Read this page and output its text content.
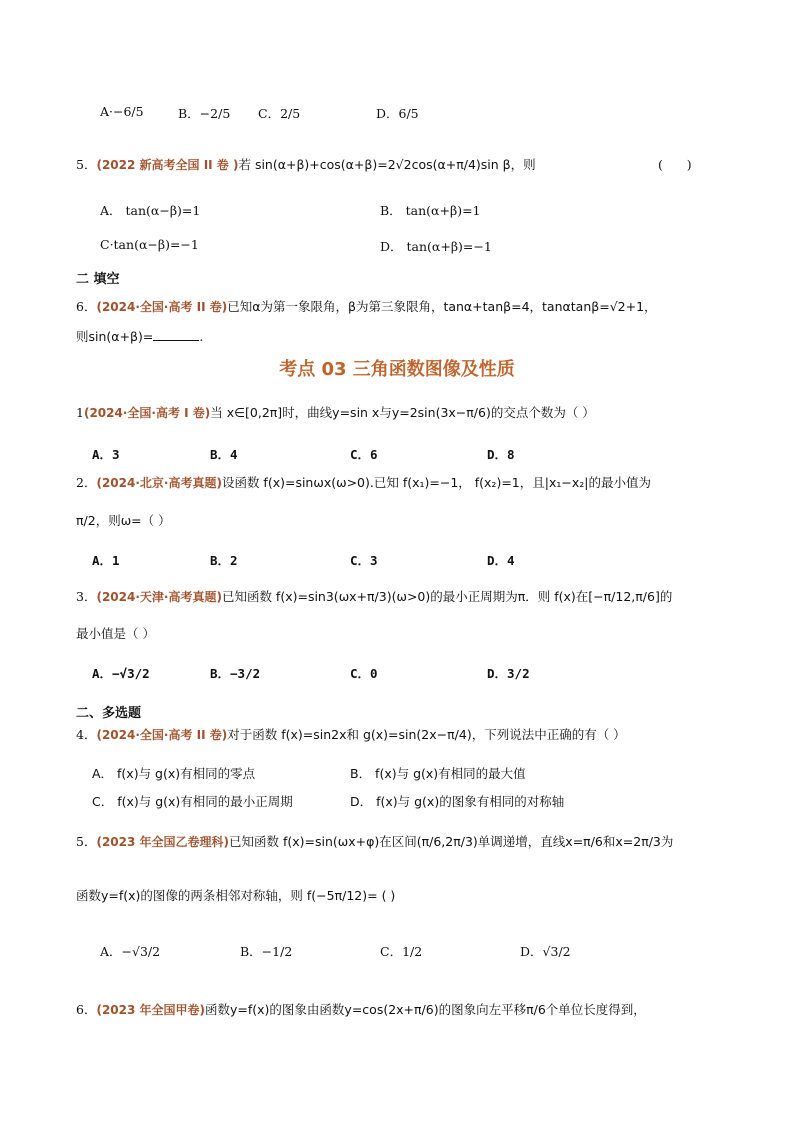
A·−6/5	B．−2/5 C．2/5	D．6/5
5．(2022 新高考全国 II 卷 )若 sin(α+β)+cos(α+β)=2√2cos(α+π/4)sin β，则	(      )
A． tan(α−β)=1	B． tan(α+β)=1
C·tan(α−β)=−1	D． tan(α+β)=−1
二 填空
6．(2024·全国·高考 II 卷)已知α为第一象限角，β为第三象限角，tanα+tanβ=4，tanαtanβ=√2+1，
则sin(α+β)=	.
考点 03 三角函数图像及性质
1(2024·全国·高考 I 卷)当 x∈[0,2π]时，曲线y=sin x与y=2sin(3x−π/6)的交点个数为（ ）
A．3	B．4	C．6	D．8
2．(2024·北京·高考真题)设函数 f(x)=sinωx(ω>0).已知 f(x₁)=−1， f(x₂)=1，且|x₁−x₂|的最小值为
π/2，则ω=（ ）
A．1	B．2	C．3	D．4
3．(2024·天津·高考真题)已知函数 f(x)=sin3(ωx+π/3)(ω>0)的最小正周期为π．则 f(x)在[−π/12,π/6]的
最小值是（ ）
A．−√3/2	B．−3/2	C．0	D．3/2
二、多选题
4．(2024·全国·高考 II 卷)对于函数 f(x)=sin2x和 g(x)=sin(2x−π/4)，下列说法中正确的有（ ）
A． f(x)与 g(x)有相同的零点	B． f(x)与 g(x)有相同的最大值
C． f(x)与 g(x)有相同的最小正周期	D． f(x)与 g(x)的图象有相同的对称轴
5．(2023 年全国乙卷理科)已知函数 f(x)=sin(ωx+φ)在区间(π/6,2π/3)单调递增，直线x=π/6和x=2π/3为
函数y=f(x)的图像的两条相邻对称轴，则 f(−5π/12)= ( )
A．−√3/2	B．−1/2	C．1/2	D．√3/2
6．(2023 年全国甲卷)函数y=f(x)的图象由函数y=cos(2x+π/6)的图象向左平移π/6个单位长度得到，
